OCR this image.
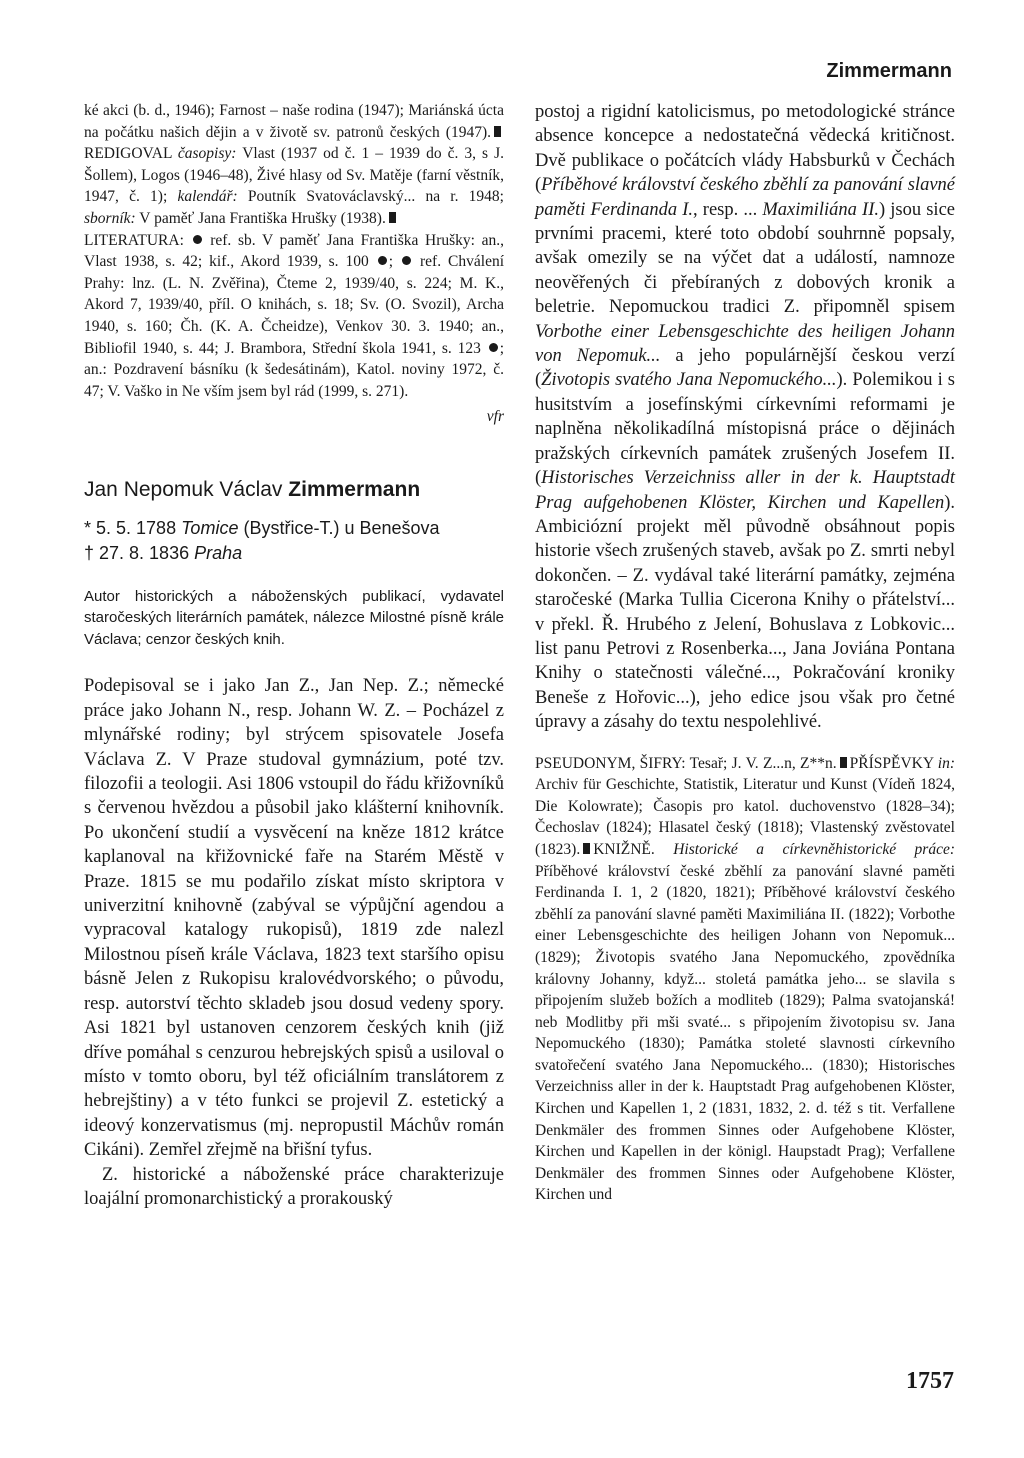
Zimmermann

ké akci (b. d., 1946); Farnost – naše rodina (1947); Mariánská úcta na počátku našich dějin a v životě sv. patronů českých (1947).REDIGOVAL časopisy: Vlast (1937 od č. 1 – 1939 do č. 3, s J. Šollem), Logos (1946–48), Živé hlasy od Sv. Matěje (farní věstník, 1947, č. 1); kalendář: Poutník Svatováclavský... na r. 1948; sborník: V paměť Jana Františka Hrušky (1938).

LITERATURA: ref. sb. V paměť Jana Františka Hrušky: an., Vlast 1938, s. 42; kif., Akord 1939, s. 100 ; ref. Chválení Prahy: lnz. (L. N. Zvěřina), Čteme 2, 1939/40, s. 224; M. K., Akord 7, 1939/40, příl. O knihách, s. 18; Sv. (O. Svozil), Archa 1940, s. 160; Čh. (K. A. Čcheidze), Venkov 30. 3. 1940; an., Bibliofil 1940, s. 44; J. Brambora, Střední škola 1941, s. 123 ; an.: Pozdravení básníku (k šedesátinám), Katol. noviny 1972, č. 47; V. Vaško in Ne vším jsem byl rád (1999, s. 271).

vfr
Jan Nepomuk Václav Zimmermann
* 5. 5. 1788 Tomice (Bystřice-T.) u Benešova
† 27. 8. 1836 Praha

Autor historických a náboženských publikací, vydavatel staročeských literárních památek, nálezce Milostné písně krále Václava; cenzor českých knih.

Podepisoval se i jako Jan Z., Jan Nep. Z.; německé práce jako Johann N., resp. Johann W. Z. – Pocházel z mlynářské rodiny; byl strýcem spisovatele Josefa Václava Z. V Praze studoval gymnázium, poté tzv. filozofii a teologii. Asi 1806 vstoupil do řádu křižovníků s červenou hvězdou a působil jako klášterní knihovník. Po ukončení studií a vysvěcení na kněze 1812 krátce kaplanoval na křižovnické faře na Starém Městě v Praze. 1815 se mu podařilo získat místo skriptora v univerzitní knihovně (zabýval se výpůjční agendou a vypracoval katalogy rukopisů), 1819 zde nalezl Milostnou píseň krále Václava, 1823 text staršího opisu básně Jelen z Rukopisu kralovédvorského; o původu, resp. autorství těchto skladeb jsou dosud vedeny spory. Asi 1821 byl ustanoven cenzorem českých knih (již dříve pomáhal s cenzurou hebrejských spisů a usiloval o místo v tomto oboru, byl též oficiálním translátorem z hebrejštiny) a v této funkci se projevil Z. estetický a ideový konzervatismus (mj. nepropustil Máchův román Cikáni). Zemřel zřejmě na břišní tyfus.

Z. historické a náboženské práce charakterizuje loajální promonarchistický a prorakouský

postoj a rigidní katolicismus, po metodologické stránce absence koncepce a nedostatečná vědecká kritičnost. Dvě publikace o počátcích vlády Habsburků v Čechách (Příběhové království českého zběhlí za panování slavné paměti Ferdinanda I., resp. ... Maximiliána II.) jsou sice prvními pracemi, které toto období souhrnně popsaly, avšak omezily se na výčet dat a událostí, namnoze neověřených či přebíraných z dobových kronik a beletrie. Nepomuckou tradici Z. připomněl spisem Vorbothe einer Lebensgeschichte des heiligen Johann von Nepomuk... a jeho populárnější českou verzí (Životopis svatého Jana Nepomuckého...). Polemikou i s husitstvím a josefínskými církevními reformami je naplněna několikadílná místopisná práce o dějinách pražských církevních památek zrušených Josefem II. (Historisches Verzeichniss aller in der k. Hauptstadt Prag aufgehobenen Klöster, Kirchen und Kapellen). Ambiciózní projekt měl původně obsáhnout popis historie všech zrušených staveb, avšak po Z. smrti nebyl dokončen. – Z. vydával také literární památky, zejména staročeské (Marka Tullia Cicerona Knihy o přátelství... v překl. Ř. Hrubého z Jelení, Bohuslava z Lobkovic... list panu Petrovi z Rosenberka..., Jana Joviána Pontana Knihy o statečnosti válečné..., Pokračování kroniky Beneše z Hořovic...), jeho edice jsou však pro četné úpravy a zásahy do textu nespolehlivé.

PSEUDONYM, ŠIFRY: Tesař; J. V. Z...n, Z**n. PŘÍSPĚVKY in: Archiv für Geschichte, Statistik, Literatur und Kunst (Vídeň 1824, Die Kolowrate); Časopis pro katol. duchovenstvo (1828–34); Čechoslav (1824); Hlasatel český (1818); Vlastenský zvěstovatel (1823). KNIŽNĚ. Historické a církevněhistorické práce: Příběhové království české zběhlí za panování slavné paměti Ferdinanda I. 1, 2 (1820, 1821); Příběhové království českého zběhlí za panování slavné paměti Maximiliána II. (1822); Vorbothe einer Lebensgeschichte des heiligen Johann von Nepomuk... (1829); Životopis svatého Jana Nepomuckého, zpovědníka královny Johanny, když... stoletá památka jeho... se slavila s připojením služeb božích a modliteb (1829); Palma svatojanská! neb Modlitby při mši svaté... s připojením životopisu sv. Jana Nepomuckého (1830); Památka stoleté slavnosti církevního svatořečení svatého Jana Nepomuckého... (1830); Historisches Verzeichniss aller in der k. Hauptstadt Prag aufgehobenen Klöster, Kirchen und Kapellen 1, 2 (1831, 1832, 2. d. též s tit. Verfallene Denkmäler des frommen Sinnes oder Aufgehobene Klöster, Kirchen und Kapellen in der königl. Haupstadt Prag); Verfallene Denkmäler des frommen Sinnes oder Aufgehobene Klöster, Kirchen und

1757
